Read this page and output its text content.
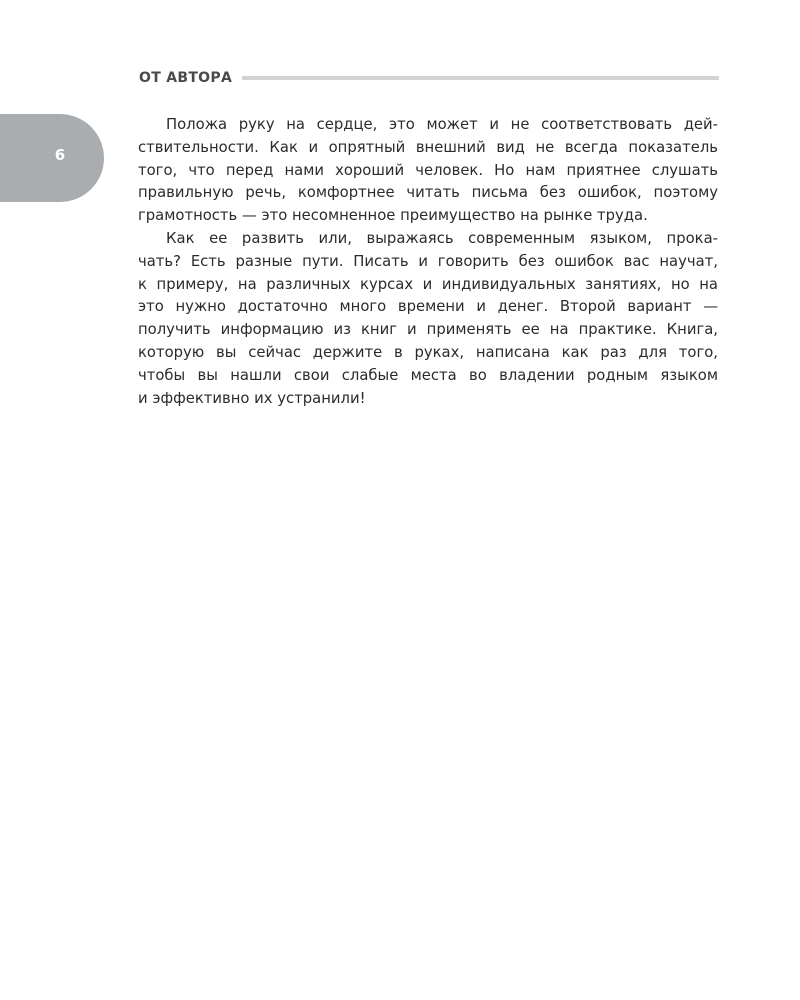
ОТ АВТОРА
6
Положа руку на сердце, это может и не соответствовать дей-
ствительности. Как и опрятный внешний вид не всегда показатель
того, что перед нами хороший человек. Но нам приятнее слушать
правильную речь, комфортнее читать письма без ошибок, поэтому
грамотность — это несомненное преимущество на рынке труда.
Как ее развить или, выражаясь современным языком, прока-
чать? Есть разные пути. Писать и говорить без ошибок вас научат,
к примеру, на различных курсах и индивидуальных занятиях, но на
это нужно достаточно много времени и денег. Второй вариант —
получить информацию из книг и применять ее на практике. Книга,
которую вы сейчас держите в руках, написана как раз для того,
чтобы вы нашли свои слабые места во владении родным языком
и эффективно их устранили!
